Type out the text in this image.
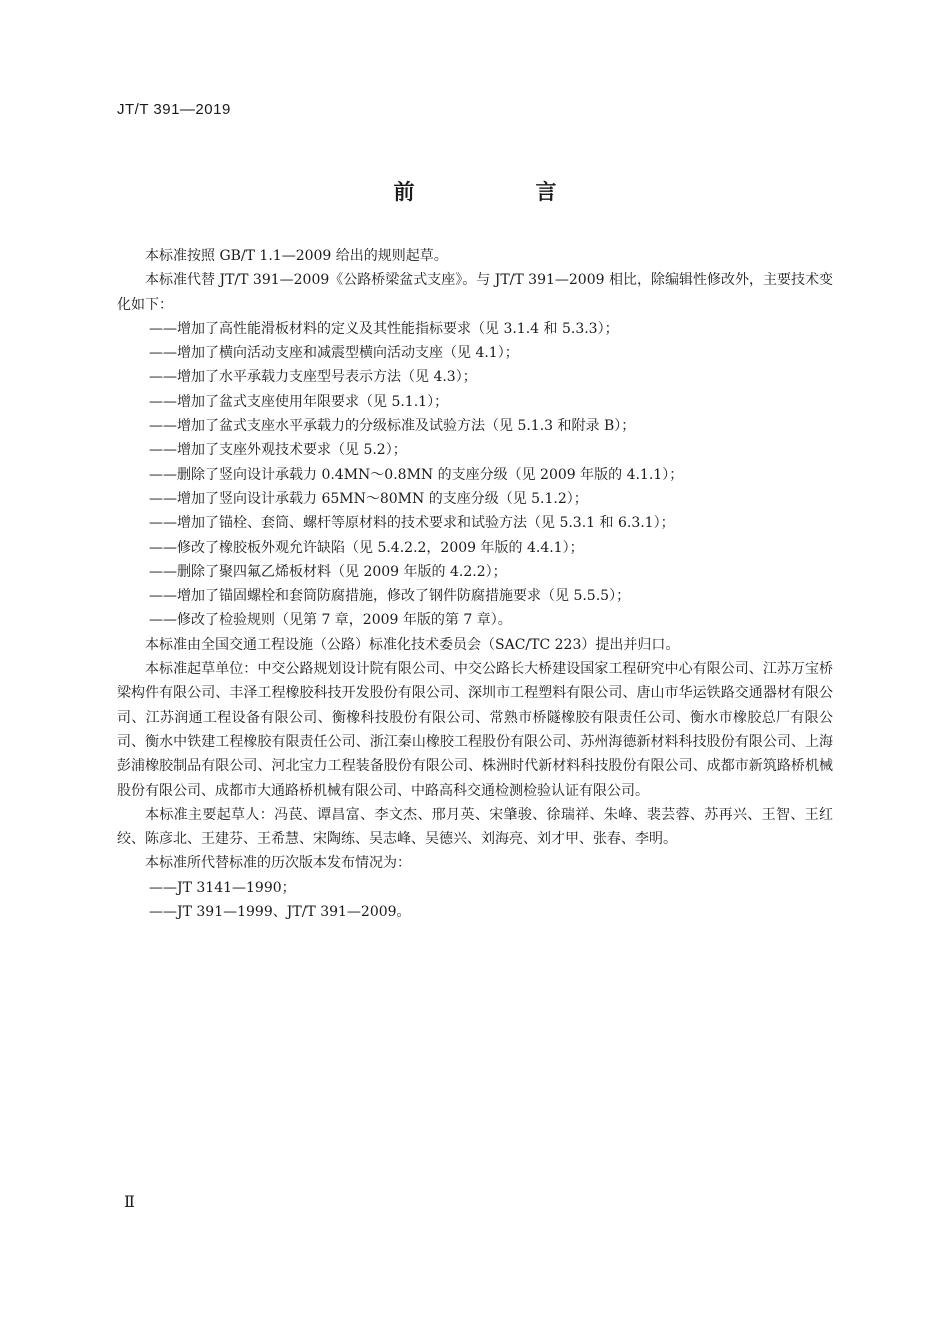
JT/T 391—2019
前　言

本标准按照 GB/T 1.1—2009 给出的规则起草。

本标准代替 JT/T 391—2009《公路桥梁盆式支座》。与 JT/T 391—2009 相比，除编辑性修改外，主要技术变化如下：

——增加了高性能滑板材料的定义及其性能指标要求（见 3.1.4 和 5.3.3）；

——增加了横向活动支座和减震型横向活动支座（见 4.1）；

——增加了水平承载力支座型号表示方法（见 4.3）；

——增加了盆式支座使用年限要求（见 5.1.1）；

——增加了盆式支座水平承载力的分级标准及试验方法（见 5.1.3 和附录 B）；

——增加了支座外观技术要求（见 5.2）；

——删除了竖向设计承载力 0.4MN～0.8MN 的支座分级（见 2009 年版的 4.1.1）；

——增加了竖向设计承载力 65MN～80MN 的支座分级（见 5.1.2）；

——增加了锚栓、套筒、螺杆等原材料的技术要求和试验方法（见 5.3.1 和 6.3.1）；

——修改了橡胶板外观允许缺陷（见 5.4.2.2，2009 年版的 4.4.1）；

——删除了聚四氟乙烯板材料（见 2009 年版的 4.2.2）；

——增加了锚固螺栓和套筒防腐措施，修改了钢件防腐措施要求（见 5.5.5）；

——修改了检验规则（见第 7 章，2009 年版的第 7 章）。

本标准由全国交通工程设施（公路）标准化技术委员会（SAC/TC 223）提出并归口。

本标准起草单位：中交公路规划设计院有限公司、中交公路长大桥建设国家工程研究中心有限公司、江苏万宝桥梁构件有限公司、丰泽工程橡胶科技开发股份有限公司、深圳市工程塑料有限公司、唐山市华运铁路交通器材有限公司、江苏润通工程设备有限公司、衡橡科技股份有限公司、常熟市桥隧橡胶有限责任公司、衡水市橡胶总厂有限公司、衡水中铁建工程橡胶有限责任公司、浙江秦山橡胶工程股份有限公司、苏州海德新材料科技股份有限公司、上海彭浦橡胶制品有限公司、河北宝力工程装备股份有限公司、株洲时代新材料科技股份有限公司、成都市新筑路桥机械股份有限公司、成都市大通路桥机械有限公司、中路高科交通检测检验认证有限公司。

本标准主要起草人：冯苠、谭昌富、李文杰、邢月英、宋肇骏、徐瑞祥、朱峰、裴芸蓉、苏再兴、王智、王红绞、陈彦北、王建芬、王希慧、宋陶练、吴志峰、吴德兴、刘海亮、刘才甲、张春、李明。

本标准所代替标准的历次版本发布情况为：

——JT 3141—1990；

——JT 391—1999、JT/T 391—2009。

Ⅱ
